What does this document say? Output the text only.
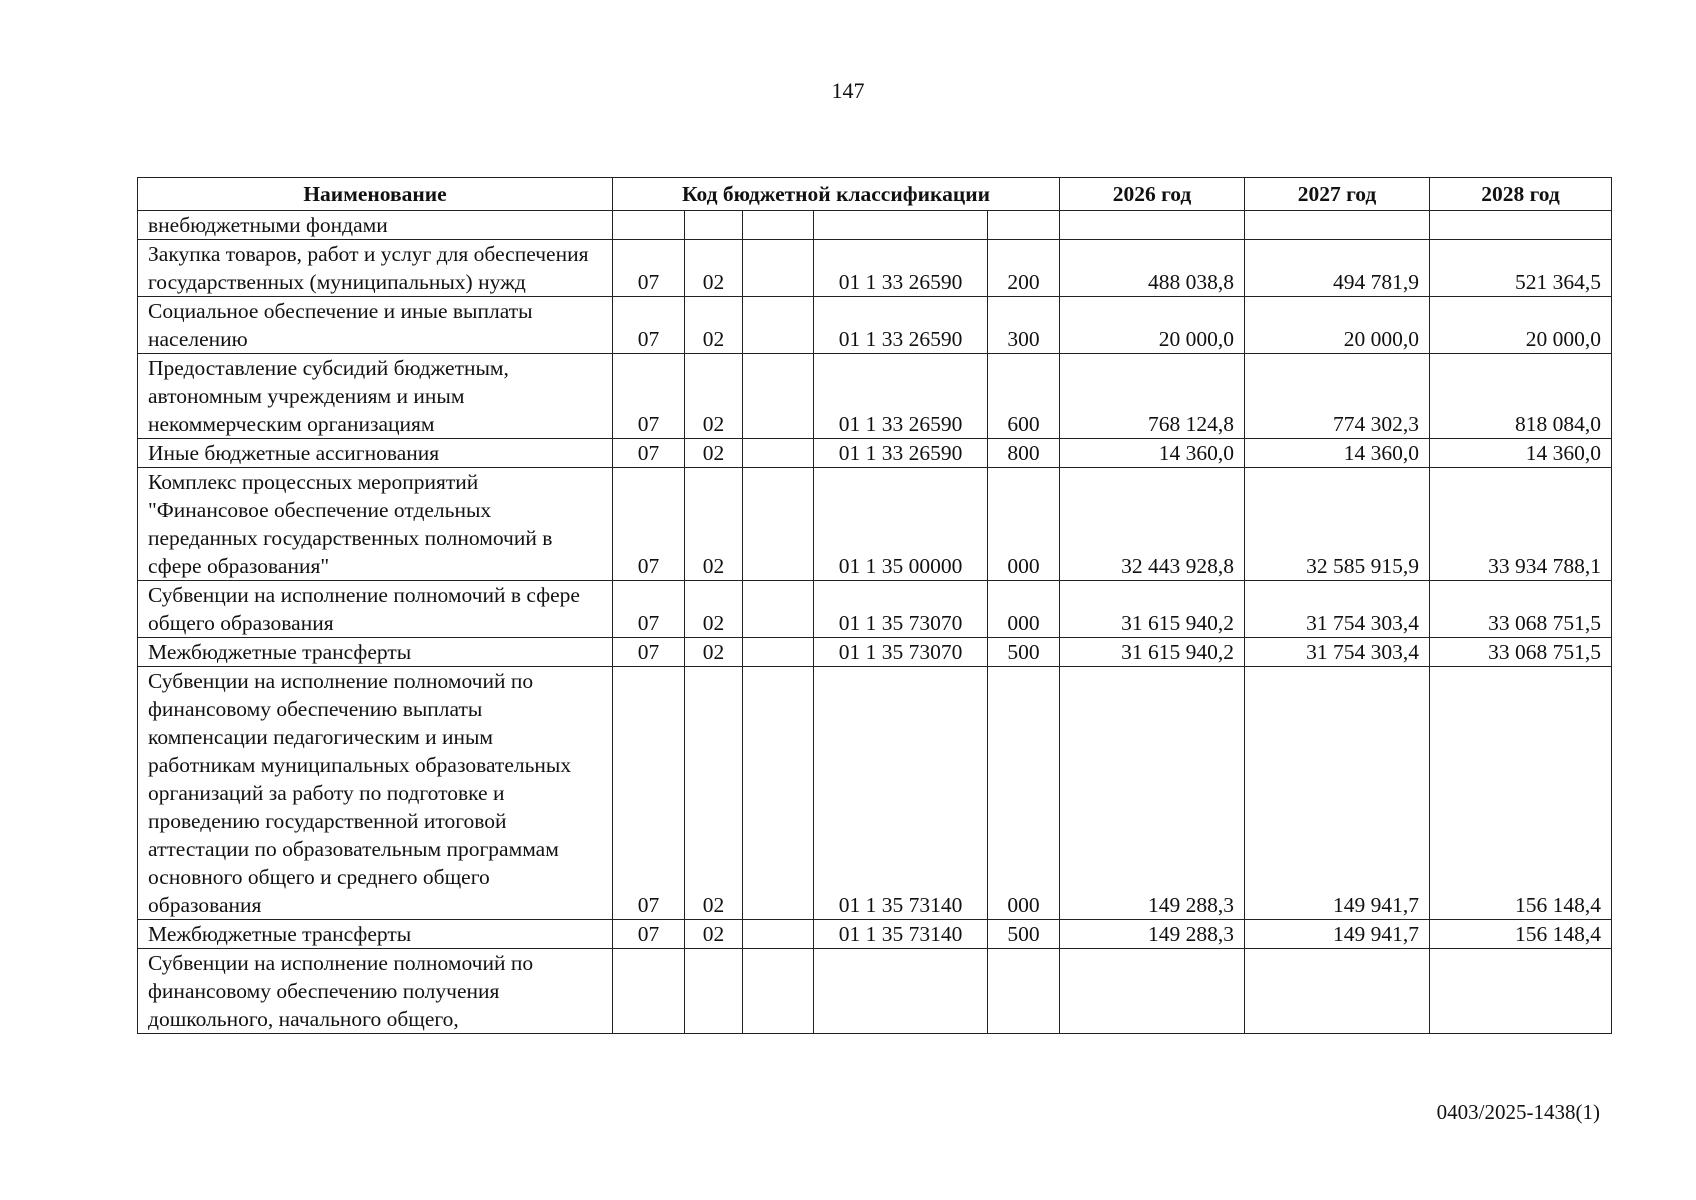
147
Наименование	Код бюджетной классификации					2026 год	2027 год	2028 год
внебюджетными фондами								
Закупка товаров, работ и услуг для обеспечения государственных (муниципальных) нужд	07	02		01 1 33 26590	200	488 038,8	494 781,9	521 364,5
Социальное обеспечение и иные выплаты населению	07	02		01 1 33 26590	300	20 000,0	20 000,0	20 000,0
Предоставление субсидий бюджетным, автономным учреждениям и иным некоммерческим организациям	07	02		01 1 33 26590	600	768 124,8	774 302,3	818 084,0
Иные бюджетные ассигнования	07	02		01 1 33 26590	800	14 360,0	14 360,0	14 360,0
Комплекс процессных мероприятий "Финансовое обеспечение отдельных переданных государственных полномочий в сфере образования"	07	02		01 1 35 00000	000	32 443 928,8	32 585 915,9	33 934 788,1
Субвенции на исполнение полномочий в сфере общего образования	07	02		01 1 35 73070	000	31 615 940,2	31 754 303,4	33 068 751,5
Межбюджетные трансферты	07	02		01 1 35 73070	500	31 615 940,2	31 754 303,4	33 068 751,5
Субвенции на исполнение полномочий по финансовому обеспечению выплаты компенсации педагогическим и иным работникам муниципальных образовательных организаций за работу по подготовке и проведению государственной итоговой аттестации по образовательным программам основного общего и среднего общего образования	07	02		01 1 35 73140	000	149 288,3	149 941,7	156 148,4
Межбюджетные трансферты	07	02		01 1 35 73140	500	149 288,3	149 941,7	156 148,4
Субвенции на исполнение полномочий по финансовому обеспечению получения дошкольного, начального общего,								
0403/2025-1438(1)
